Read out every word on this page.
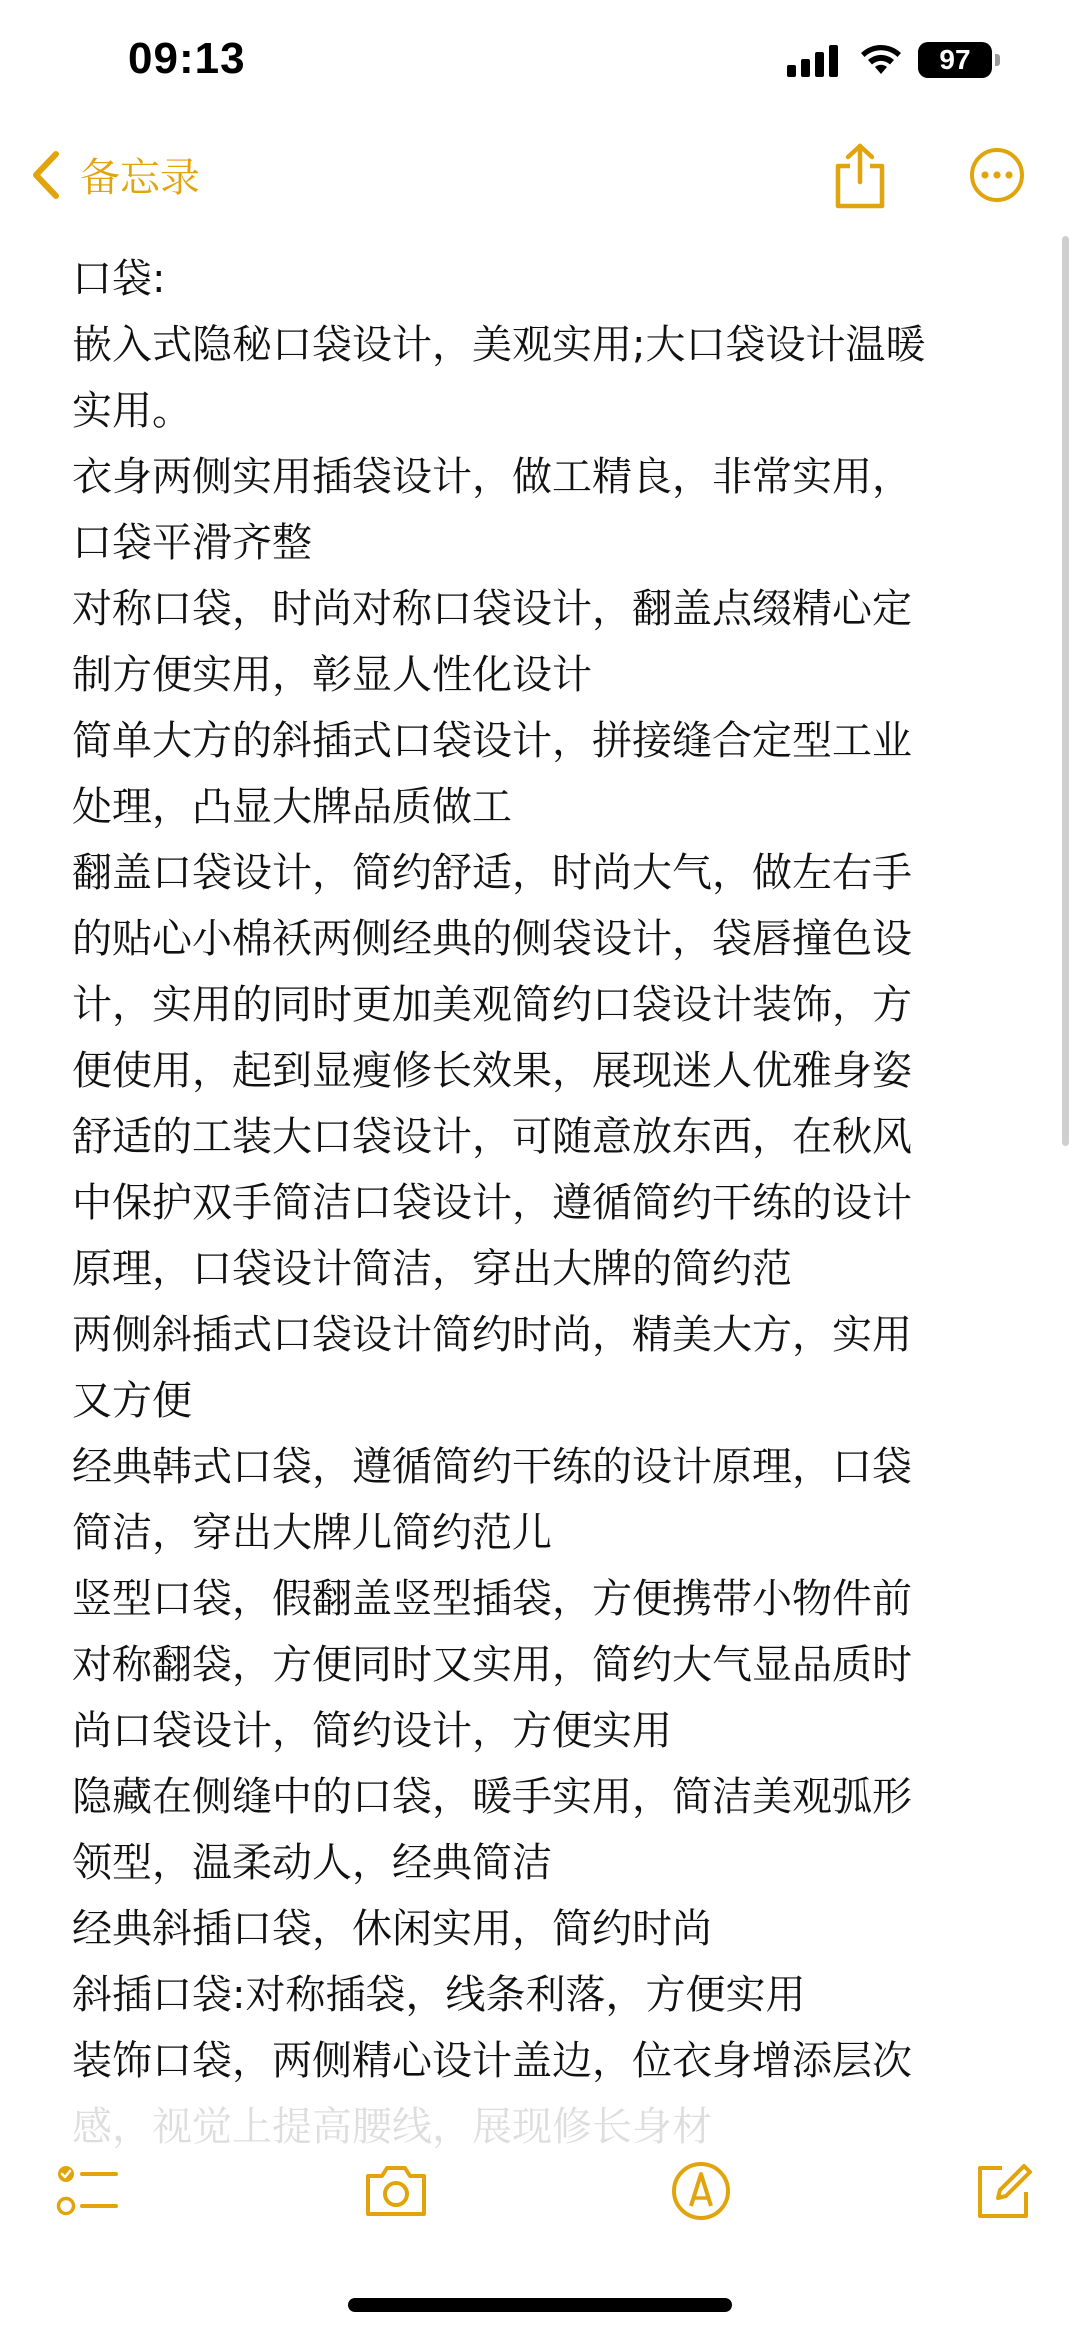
09:13	97
备忘录
口袋:
嵌入式隐秘口袋设计，美观实用;大口袋设计温暖
实用。
衣身两侧实用插袋设计，做工精良，非常实用，
口袋平滑齐整
对称口袋，时尚对称口袋设计，翻盖点缀精心定
制方便实用，彰显人性化设计
简单大方的斜插式口袋设计，拼接缝合定型工业
处理，凸显大牌品质做工
翻盖口袋设计，简约舒适，时尚大气，做左右手
的贴心小棉袄两侧经典的侧袋设计，袋唇撞色设
计，实用的同时更加美观简约口袋设计装饰，方
便使用，起到显瘦修长效果，展现迷人优雅身姿
舒适的工装大口袋设计，可随意放东西，在秋风
中保护双手简洁口袋设计，遵循简约干练的设计
原理，口袋设计简洁，穿出大牌的简约范
两侧斜插式口袋设计简约时尚，精美大方，实用
又方便
经典韩式口袋，遵循简约干练的设计原理，口袋
简洁，穿出大牌儿简约范儿
竖型口袋，假翻盖竖型插袋，方便携带小物件前
对称翻袋，方便同时又实用，简约大气显品质时
尚口袋设计，简约设计，方便实用
隐藏在侧缝中的口袋，暖手实用，简洁美观弧形
领型，温柔动人，经典简洁
经典斜插口袋，休闲实用，简约时尚
斜插口袋:对称插袋，线条利落，方便实用
装饰口袋，两侧精心设计盖边，位衣身增添层次
